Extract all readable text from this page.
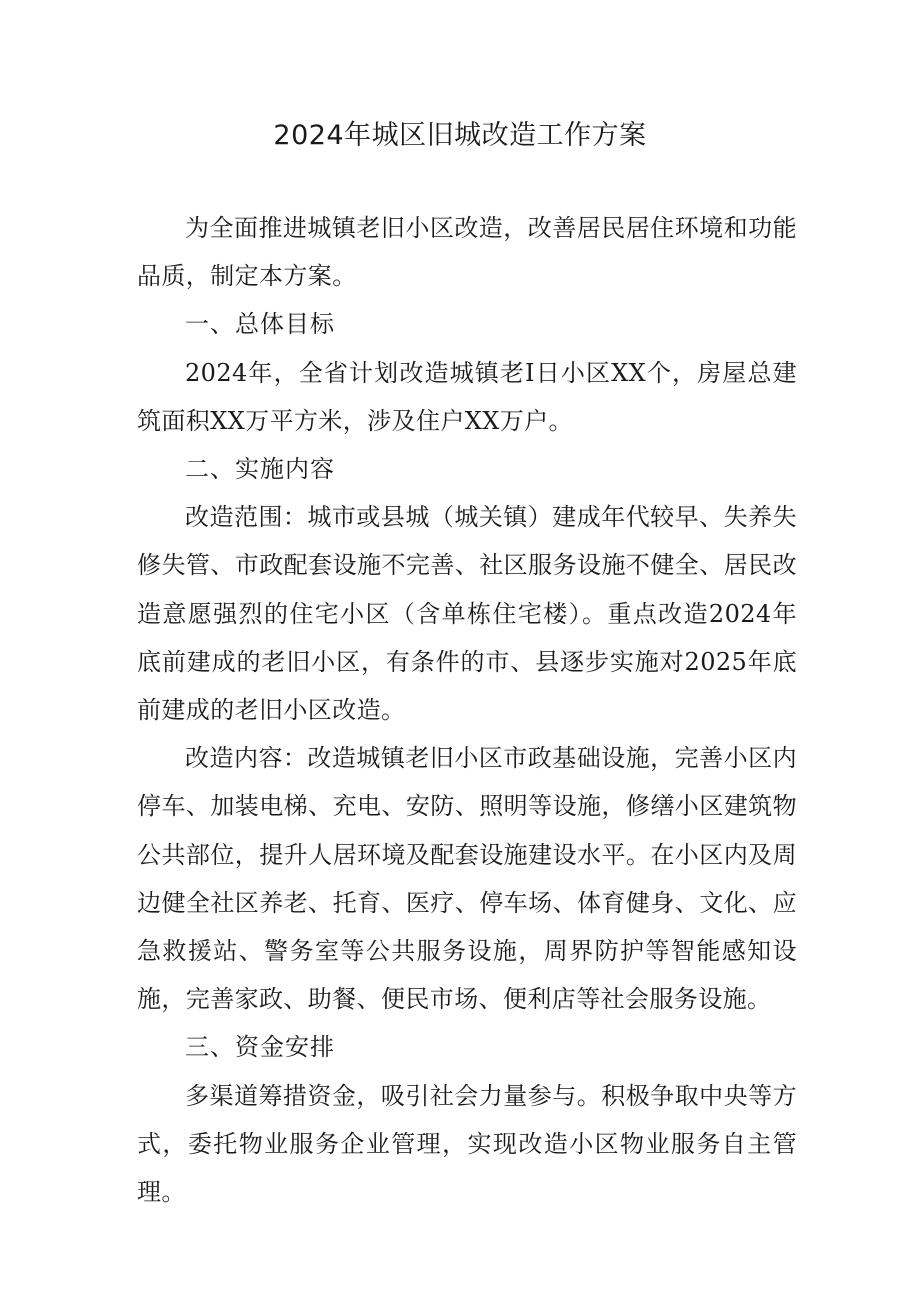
2024年城区旧城改造工作方案

为全面推进城镇老旧小区改造，改善居民居住环境和功能品质，制定本方案。

一、总体目标

2024年，全省计划改造城镇老I日小区XX个，房屋总建筑面积XX万平方米，涉及住户XX万户。

二、实施内容

改造范围：城市或县城（城关镇）建成年代较早、失养失修失管、市政配套设施不完善、社区服务设施不健全、居民改造意愿强烈的住宅小区（含单栋住宅楼）。重点改造2024年底前建成的老旧小区，有条件的市、县逐步实施对2025年底前建成的老旧小区改造。

改造内容：改造城镇老旧小区市政基础设施，完善小区内停车、加装电梯、充电、安防、照明等设施，修缮小区建筑物公共部位，提升人居环境及配套设施建设水平。在小区内及周边健全社区养老、托育、医疗、停车场、体育健身、文化、应急救援站、警务室等公共服务设施，周界防护等智能感知设施，完善家政、助餐、便民市场、便利店等社会服务设施。

三、资金安排

多渠道筹措资金，吸引社会力量参与。积极争取中央等方式，委托物业服务企业管理，实现改造小区物业服务自主管理。
